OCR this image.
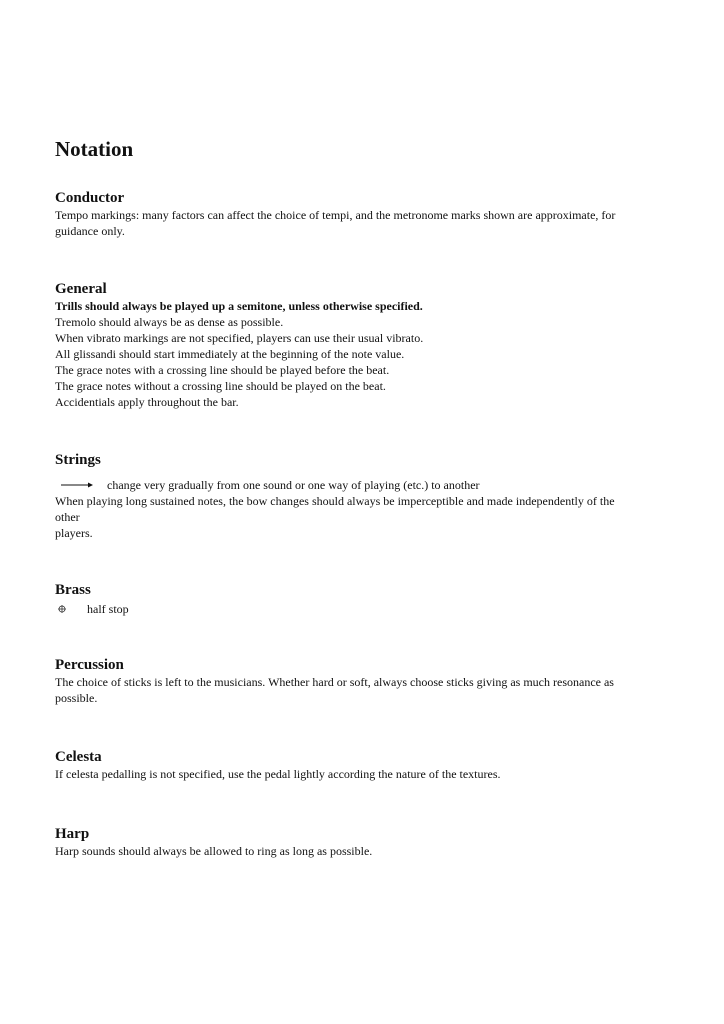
Notation
Conductor

Tempo markings: many factors can affect the choice of tempi, and the metronome marks shown are approximate, for

guidance only.

General

Trills should always be played up a semitone, unless otherwise specified.

Tremolo should always be as dense as possible.

When vibrato markings are not specified, players can use their usual vibrato.

All glissandi should start immediately at the beginning of the note value.

The grace notes with a crossing line should be played before the beat.

The grace notes without a crossing line should be played on the beat.

Accidentials apply throughout the bar.

Strings
change very gradually from one sound or one way of playing (etc.) to another

When playing long sustained notes, the bow changes should always be imperceptible and made independently of the

other

players.

Brass
half stop
Percussion

The choice of sticks is left to the musicians. Whether hard or soft, always choose sticks giving as much resonance as

possible.

Celesta

If celesta pedalling is not specified, use the pedal lightly according the nature of the textures.

Harp

Harp sounds should always be allowed to ring as long as possible.
